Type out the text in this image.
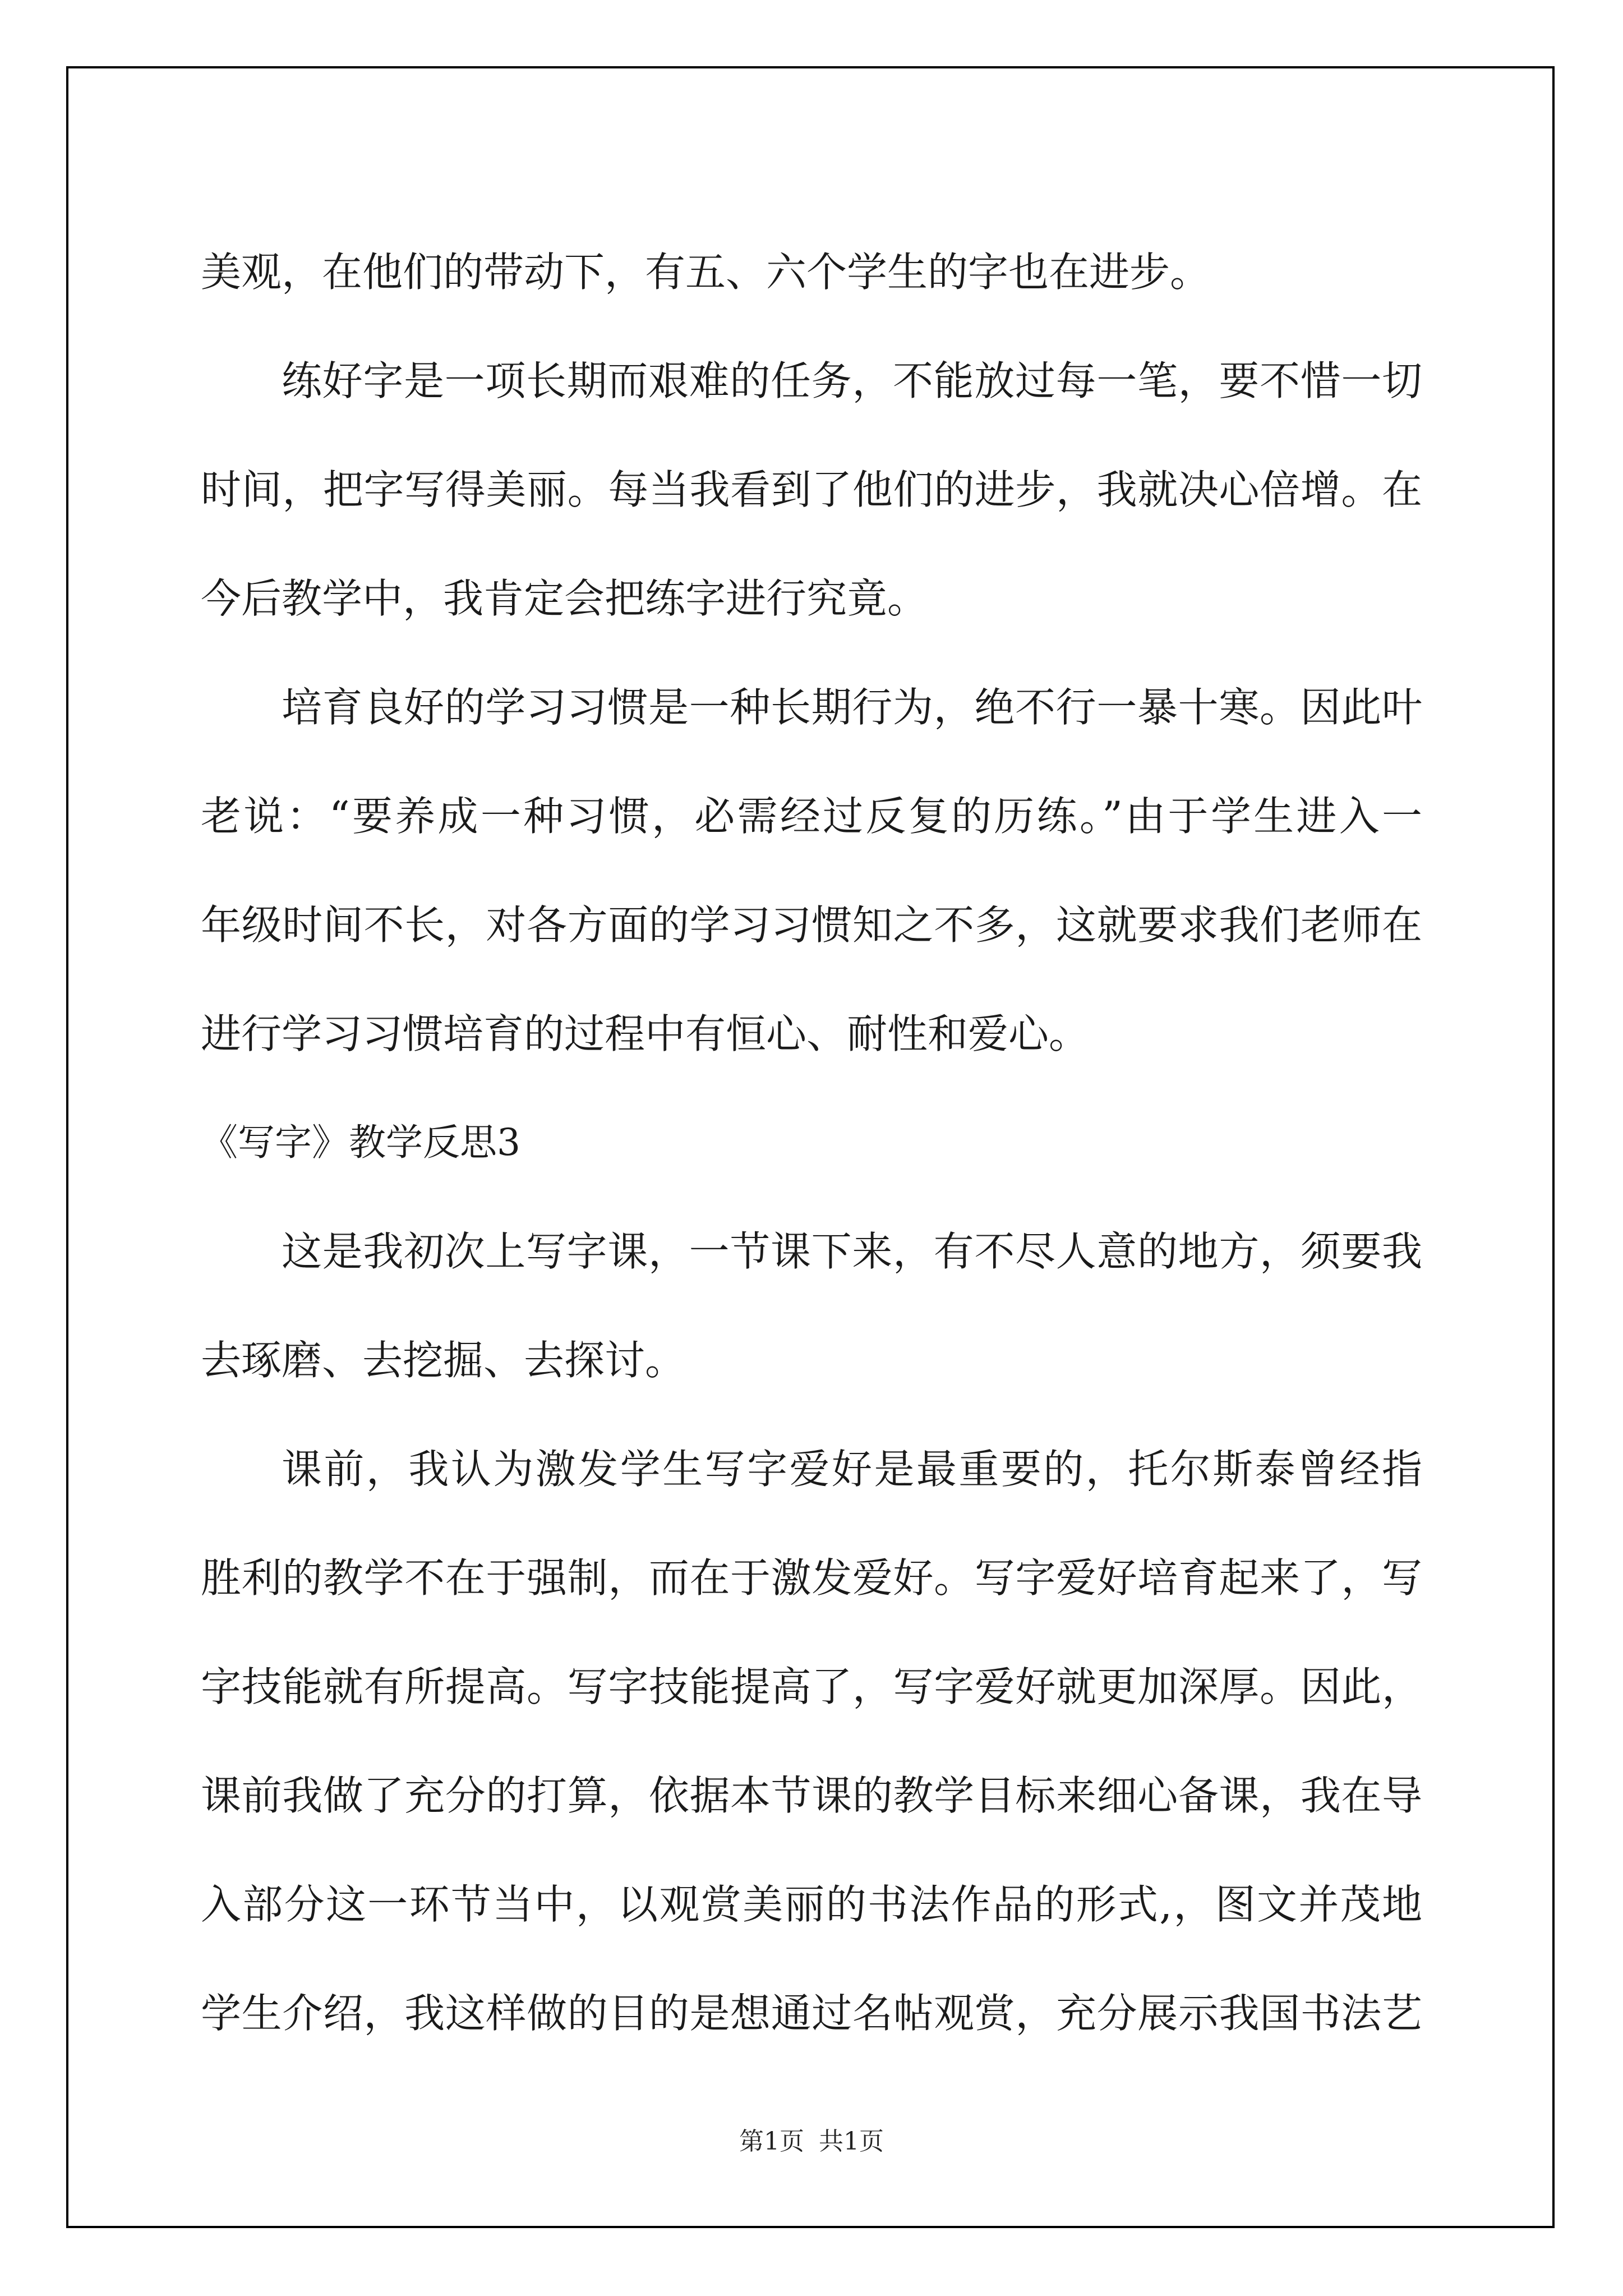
美观，在他们的带动下，有五、六个学生的字也在进步。
练好字是一项长期而艰难的任务，不能放过每一笔，要不惜一切
时间，把字写得美丽。每当我看到了他们的进步，我就决心倍增。在
今后教学中，我肯定会把练字进行究竟。
培育良好的学习习惯是一种长期行为，绝不行一暴十寒。因此叶
老说：“要养成一种习惯，必需经过反复的历练。”由于学生进入一
年级时间不长，对各方面的学习习惯知之不多，这就要求我们老师在
进行学习习惯培育的过程中有恒心、耐性和爱心。
《写字》教学反思3
这是我初次上写字课，一节课下来，有不尽人意的地方，须要我
去琢磨、去挖掘、去探讨。
课前，我认为激发学生写字爱好是最重要的，托尔斯泰曾经指
胜利的教学不在于强制，而在于激发爱好。写字爱好培育起来了，写
字技能就有所提高。写字技能提高了，写字爱好就更加深厚。因此，
课前我做了充分的打算，依据本节课的教学目标来细心备课，我在导
入部分这一环节当中，以观赏美丽的书法作品的形式,，图文并茂地
学生介绍，我这样做的目的是想通过名帖观赏，充分展示我国书法艺
第1页 共1页
